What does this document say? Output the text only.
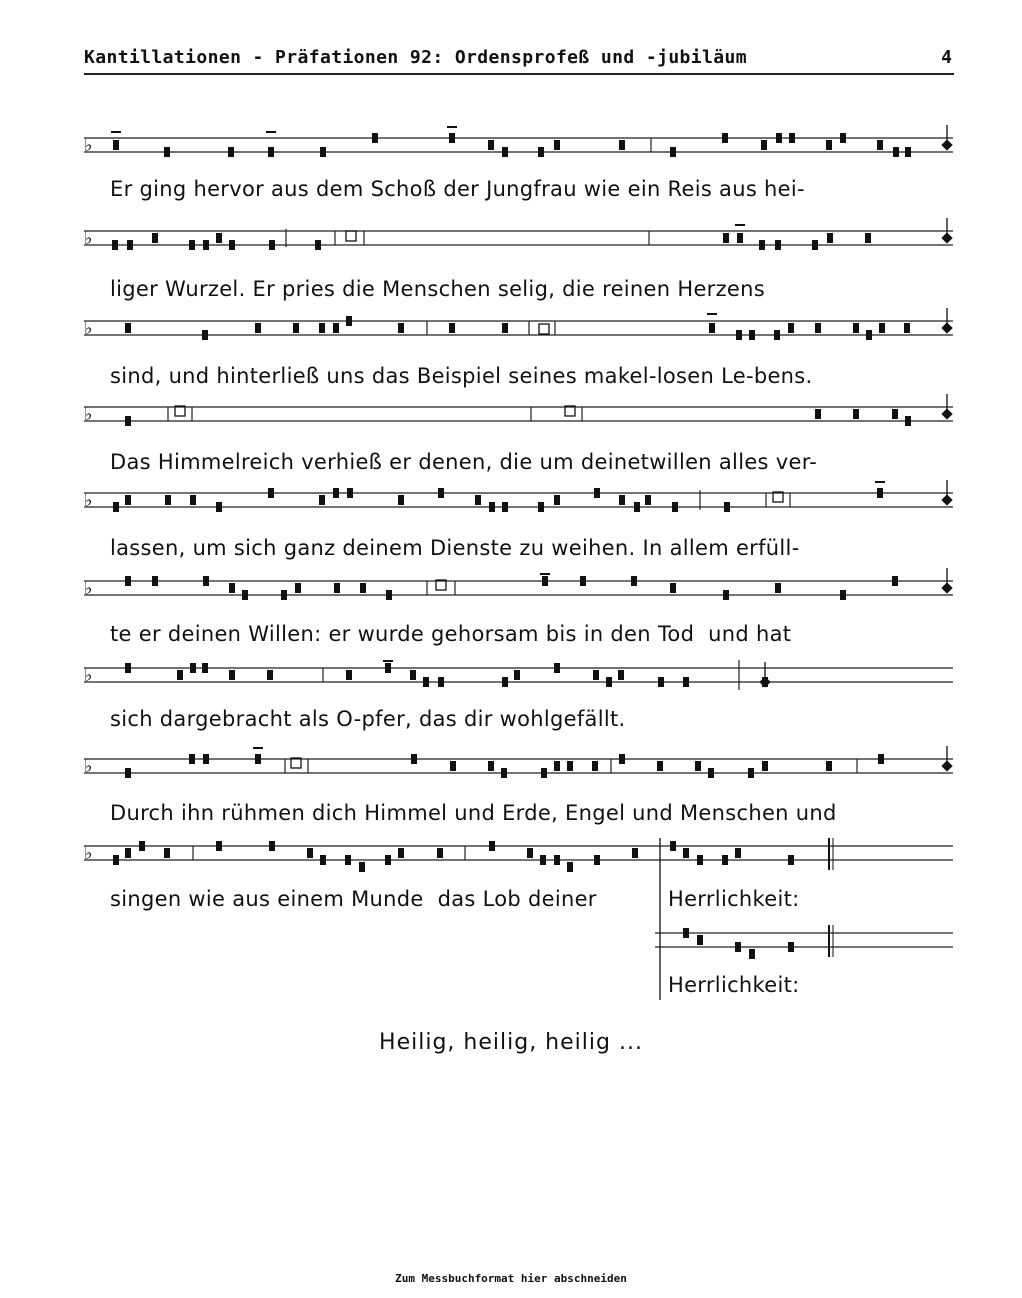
Kantillationen - Präfationen 92: Ordensprofeß und -jubiläum	4
♭
♭
♭
♭
♭
♭
♭
♭
♭
Er ging hervor aus dem Schoß der Jungfrau wie ein Reis aus hei-
liger Wurzel. Er pries die Menschen selig, die reinen Herzens
sind, und hinterließ uns das Beispiel seines makel-losen Le-bens.
Das Himmelreich verhieß er denen, die um deinetwillen alles ver-
lassen, um sich ganz deinem Dienste zu weihen. In allem erfüll-
te er deinen Willen: er wurde gehorsam bis in den Tod  und hat
sich dargebracht als O-pfer, das dir wohlgefällt.
Durch ihn rühmen dich Himmel und Erde, Engel und Menschen und
singen wie aus einem Munde  das Lob deiner	Herrlichkeit:
Herrlichkeit:
Heilig, heilig, heilig ...
Zum Messbuchformat hier abschneiden
